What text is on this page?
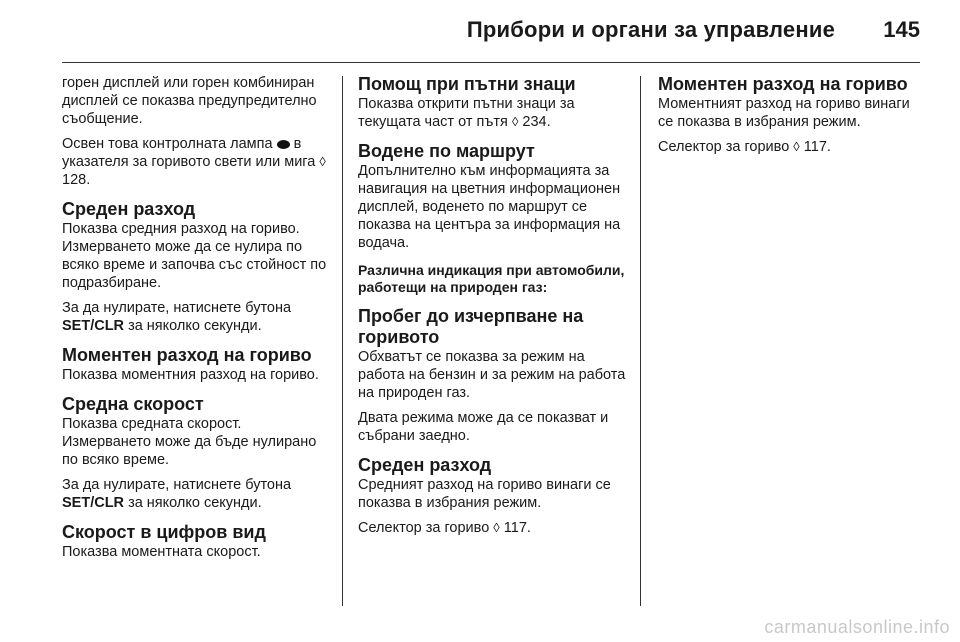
Прибори и органи за управление 145

горен дисплей или горен комбиниран дисплей се показва предупредително съобщение.

Освен това контролната лампа в указателя за горивото свети или мига ◊ 128.

Среден разход

Показва средния разход на гориво. Измерването може да се нулира по всяко време и започва със стойност по подразбиране.

За да нулирате, натиснете бутона SET/CLR за няколко секунди.

Моментен разход на гориво

Показва моментния разход на гориво.

Средна скорост

Показва средната скорост. Измерването може да бъде нулирано по всяко време.

За да нулирате, натиснете бутона SET/CLR за няколко секунди.

Скорост в цифров вид

Показва моментната скорост.

Помощ при пътни знаци

Показва открити пътни знаци за текущата част от пътя ◊ 234.

Водене по маршрут

Допълнително към информацията за навигация на цветния информационен дисплей, воденето по маршрут се показва на центъра за информация на водача.

Различна индикация при автомобили, работещи на природен газ:
Пробег до изчерпване на горивото

Обхватът се показва за режим на работа на бензин и за режим на работа на природен газ.

Двата режима може да се показват и събрани заедно.

Среден разход

Средният разход на гориво винаги се показва в избрания режим.

Селектор за гориво ◊ 117.

Моментен разход на гориво

Моментният разход на гориво винаги се показва в избрания режим.

Селектор за гориво ◊ 117.

carmanualsonline.info
